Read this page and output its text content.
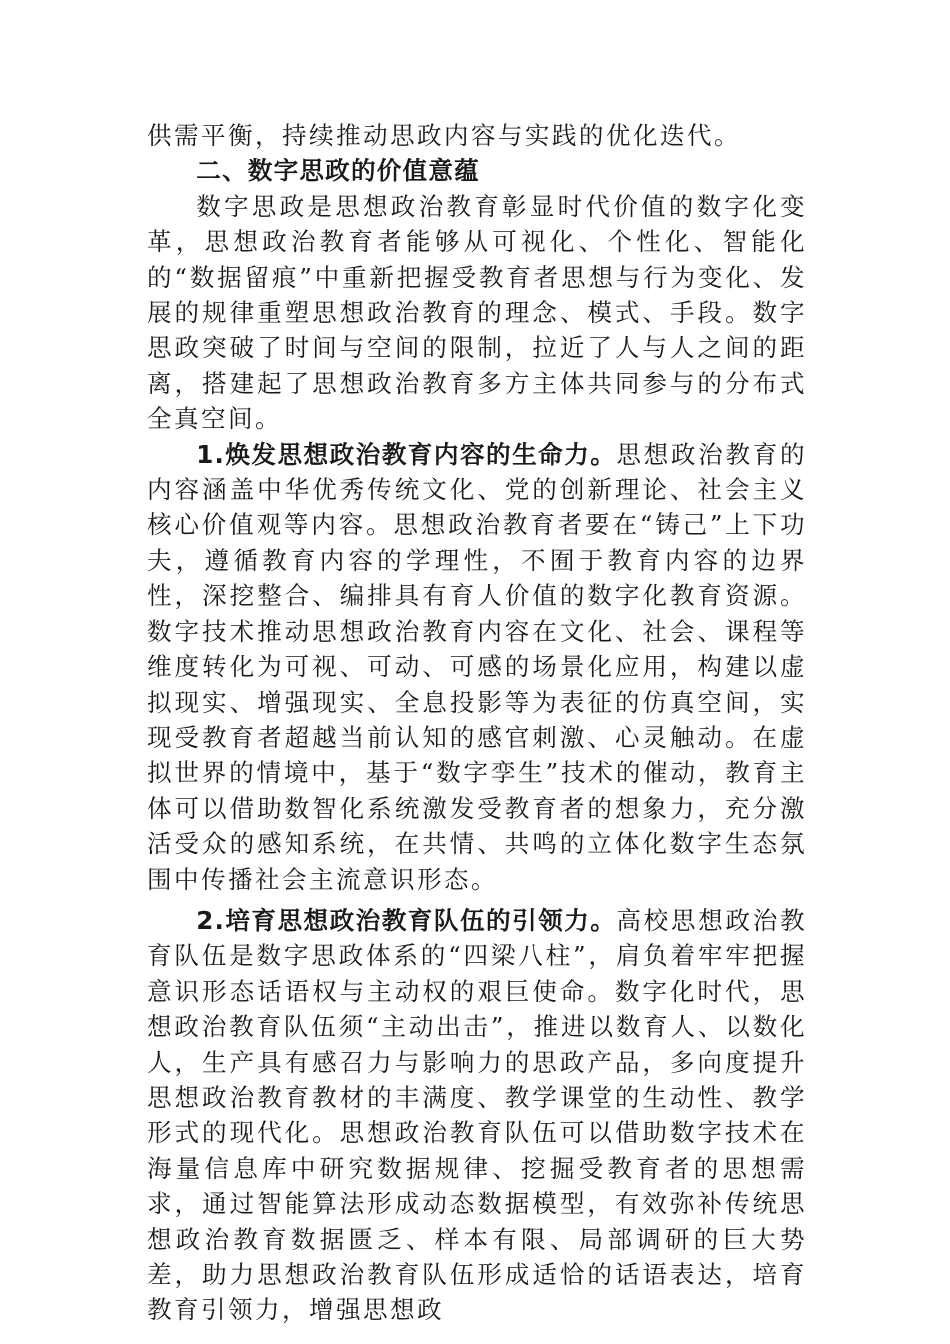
供需平衡，持续推动思政内容与实践的优化迭代。

二、数字思政的价值意蕴

数字思政是思想政治教育彰显时代价值的数字化变革，思想政治教育者能够从可视化、个性化、智能化的“数据留痕”中重新把握受教育者思想与行为变化、发展的规律重塑思想政治教育的理念、模式、手段。数字思政突破了时间与空间的限制，拉近了人与人之间的距离，搭建起了思想政治教育多方主体共同参与的分布式全真空间。

1.焕发思想政治教育内容的生命力。思想政治教育的内容涵盖中华优秀传统文化、党的创新理论、社会主义核心价值观等内容。思想政治教育者要在“铸己”上下功夫，遵循教育内容的学理性，不囿于教育内容的边界性，深挖整合、编排具有育人价值的数字化教育资源。数字技术推动思想政治教育内容在文化、社会、课程等维度转化为可视、可动、可感的场景化应用，构建以虚拟现实、增强现实、全息投影等为表征的仿真空间，实现受教育者超越当前认知的感官刺激、心灵触动。在虚拟世界的情境中，基于“数字孪生”技术的催动，教育主体可以借助数智化系统激发受教育者的想象力，充分激活受众的感知系统，在共情、共鸣的立体化数字生态氛围中传播社会主流意识形态。

2.培育思想政治教育队伍的引领力。高校思想政治教育队伍是数字思政体系的“四梁八柱”，肩负着牢牢把握意识形态话语权与主动权的艰巨使命。数字化时代，思想政治教育队伍须“主动出击”，推进以数育人、以数化人，生产具有感召力与影响力的思政产品，多向度提升思想政治教育教材的丰满度、教学课堂的生动性、教学形式的现代化。思想政治教育队伍可以借助数字技术在海量信息库中研究数据规律、挖掘受教育者的思想需求，通过智能算法形成动态数据模型，有效弥补传统思想政治教育数据匮乏、样本有限、局部调研的巨大势差，助力思想政治教育队伍形成适恰的话语表达，培育教育引领力，增强思想政
